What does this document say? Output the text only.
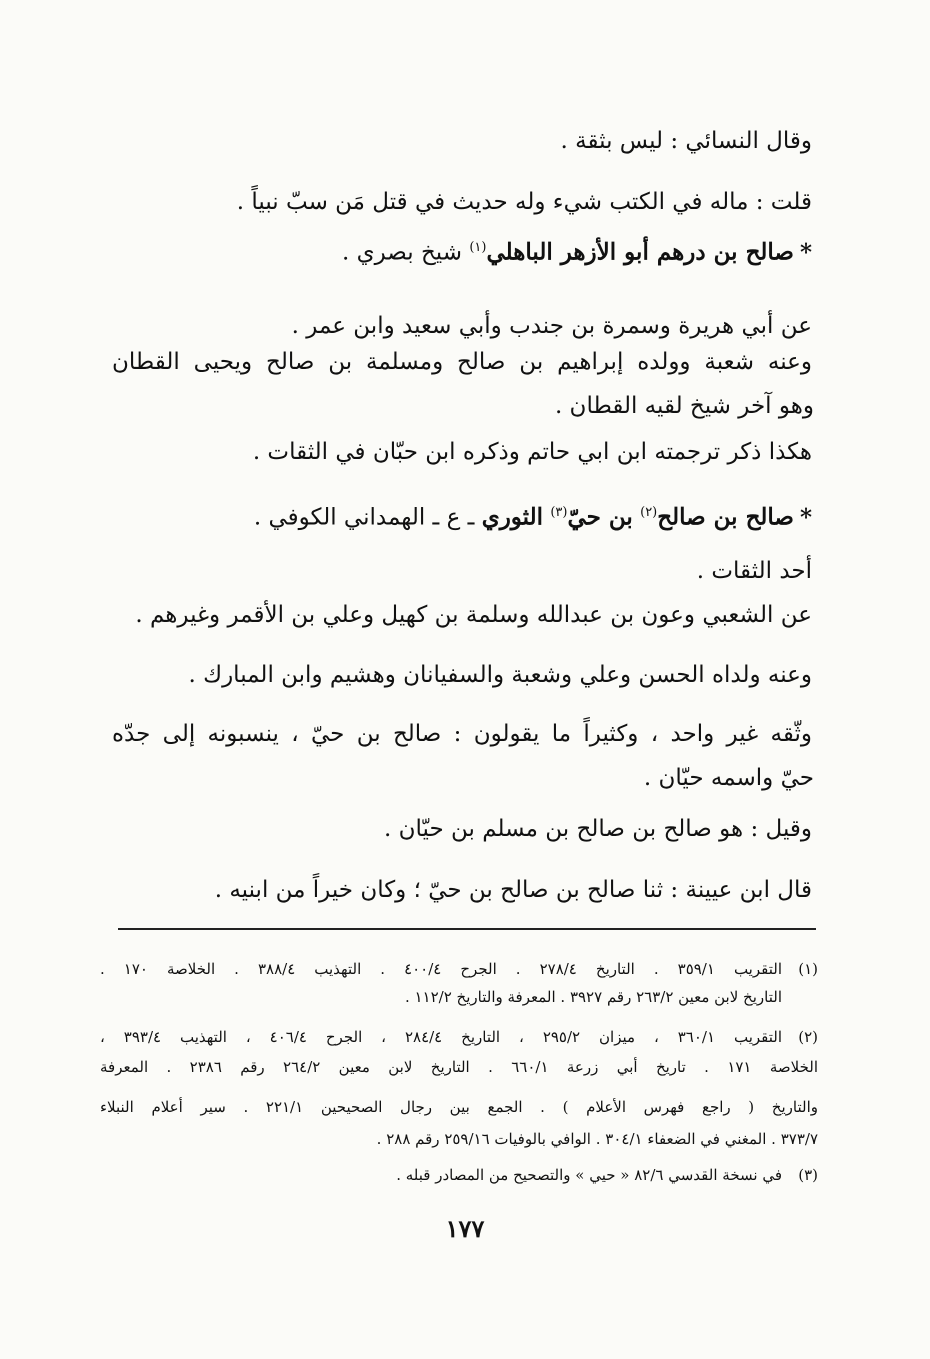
وقال النسائي : ليس بثقة .
قلت : ماله في الكتب شيء وله حديث في قتل مَن سبّ نبياً .
*صالح بن درهم أبو الأزهر الباهلي$^{(١)}$ شيخ بصري .
عن أبي هريرة وسمرة بن جندب وأبي سعيد وابن عمر .
وعنه شعبة وولده إبراهيم بن صالح ومسلمة بن صالح ويحيى القطان
وهو آخر شيخ لقيه القطان .
هكذا ذكر ترجمته ابن ابي حاتم وذكره ابن حبّان في الثقات .
*صالح بن صالح$^{(٢)}$ بن حيّ$^{(٣)}$ الثوري ـ ع ـ الهمداني الكوفي .
أحد الثقات .
عن الشعبي وعون بن عبدالله وسلمة بن كهيل وعلي بن الأقمر وغيرهم .
وعنه ولداه الحسن وعلي وشعبة والسفيانان وهشيم وابن المبارك .
وثّقه غير واحد ، وكثيراً ما يقولون : صالح بن حيّ ، ينسبونه إلى جدّه
حيّ واسمه حيّان .
وقيل : هو صالح بن صالح بن مسلم بن حيّان .
قال ابن عيينة : ثنا صالح بن صالح بن حيّ ؛ وكان خيراً من ابنيه .
(١)
التقريب ٣٥٩/١ . التاريخ ٢٧٨/٤ . الجرح ٤٠٠/٤ . التهذيب ٣٨٨/٤ . الخلاصة ١٧٠ .
التاريخ لابن معين ٢٦٣/٢ رقم ٣٩٢٧ . المعرفة والتاريخ ١١٢/٢ .
(٢)
التقريب ٣٦٠/١ ، ميزان ٢٩٥/٢ ، التاريخ ٢٨٤/٤ ، الجرح ٤٠٦/٤ ، التهذيب ٣٩٣/٤ ،
الخلاصة ١٧١ . تاريخ أبي زرعة ٦٦٠/١ . التاريخ لابن معين ٢٦٤/٢ رقم ٢٣٨٦ . المعرفة
والتاريخ ( راجع فهرس الأعلام ) . الجمع بين رجال الصحيحين ٢٢١/١ . سير أعلام النبلاء
٣٧٣/٧ . المغني في الضعفاء ٣٠٤/١ . الوافي بالوفيات ٢٥٩/١٦ رقم ٢٨٨ .
(٣)
في نسخة القدسي ٨٢/٦ « حيي » والتصحيح من المصادر قبله .
١٧٧
